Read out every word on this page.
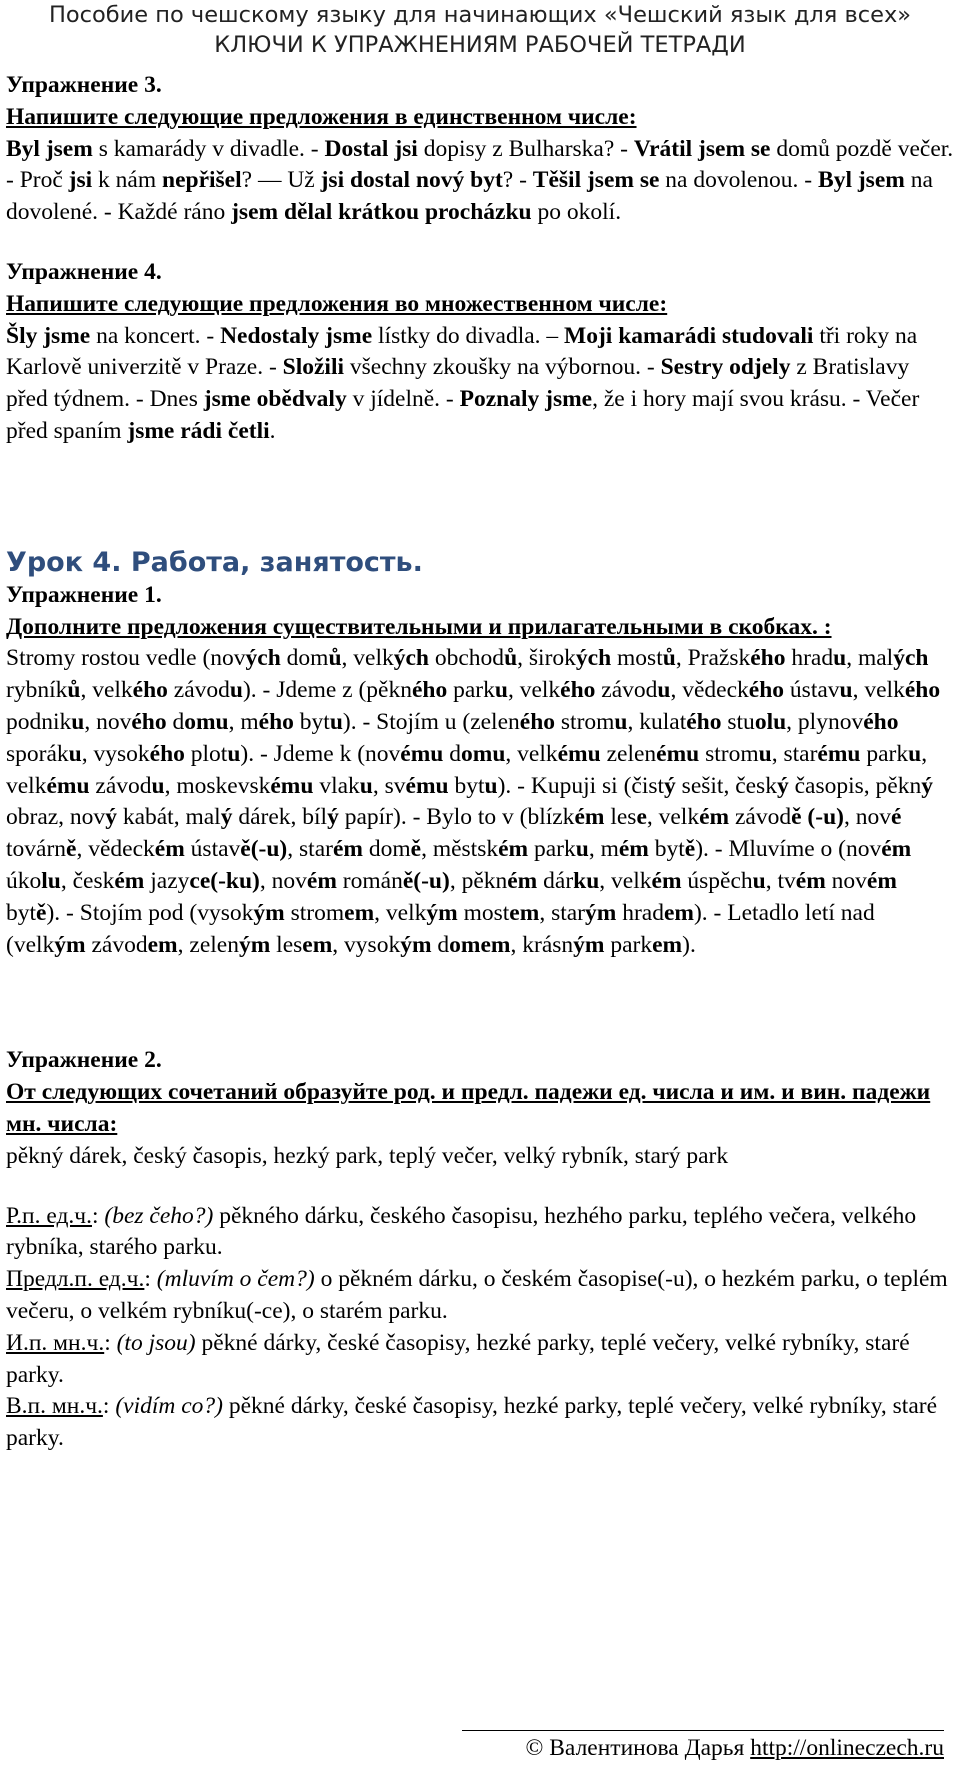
Пособие по чешскому языку для начинающих «Чешский язык для всех»
КЛЮЧИ К УПРАЖНЕНИЯМ РАБОЧЕЙ ТЕТРАДИ

Упражнение 3.

Напишите следующие предложения в единственном числе:

Byl jsem s kamarády v divadle. - Dostal jsi dopisy z Bulharska? - Vrátil jsem se domů pozdě večer. - Proč jsi k nám nepřišel? — Už jsi dostal nový byt? - Těšil jsem se na dovolenou. - Byl jsem na dovolené. - Každé ráno jsem dělal krátkou procházku po okolí.

Упражнение 4.

Напишите следующие предложения во множественном числе:

Šly jsme na koncert. - Nedostaly jsme lístky do divadla. – Moji kamarádi studovali tři roky na Karlově univerzitě v Praze. - Složili všechny zkoušky na výbornou. - Sestry odjely z Bratislavy před týdnem. - Dnes jsme obědvaly v jídelně. - Poznaly jsme, že i hory mají svou krásu. - Večer před spaním jsme rádi četli.

Урок 4. Работа, занятость.

Упражнение 1.

Дополните предложения существительными и прилагательными в скобках. :

Stromy rostou vedle (nových domů, velkých obchodů, širokých mostů, Pražského hradu, malých rybníků, velkého závodu). - Jdeme z (pěkného parku, velkého závodu, vědeckého ústavu, velkého podniku, nového domu, mého bytu). - Stojím u (zeleného stromu, kulatého stuolu, plynového sporáku, vysokého plotu). - Jdeme k (novému domu, velkému zelenému stromu, starému parku, velkému závodu, moskevskému vlaku, svému bytu). - Kupuji si (čistý sešit, český časopis, pěkný obraz, nový kabát, malý dárek, bílý papír). - Bylo to v (blízkém lese, velkém závodě (-u), nové továrně, vědeckém ústavě(-u), starém domě, městském parku, mém bytě). - Mluvíme o (novém úkolu, českém jazyce(-ku), novém románě(-u), pěkném dárku, velkém úspěchu, tvém novém bytě). - Stojím pod (vysokým stromem, velkým mostem, starým hradem). - Letadlo letí nad (velkým závodem, zeleným lesem, vysokým domem, krásným parkem).

Упражнение 2.

От следующих сочетаний образуйте род. и предл. падежи ед. числа и им. и вин. падежи мн. числа:

pěkný dárek, český časopis, hezký park, teplý večer, velký rybník, starý park

Р.п. ед.ч.: (bez čeho?) pěkného dárku, českého časopisu, hezhého parku, teplého večera, velkého rybníka, starého parku.

Предл.п. ед.ч.: (mluvím o čem?) o pěkném dárku, o českém časopise(-u), o hezkém parku, o teplém večeru, o velkém rybníku(-ce), o starém parku.

И.п. мн.ч.: (to jsou) pěkné dárky, české časopisy, hezké parky, teplé večery, velké rybníky, staré parky.

В.п. мн.ч.: (vidím co?) pěkné dárky, české časopisy, hezké parky, teplé večery, velké rybníky, staré parky.

© Валентинова Дарья http://onlineczech.ru
